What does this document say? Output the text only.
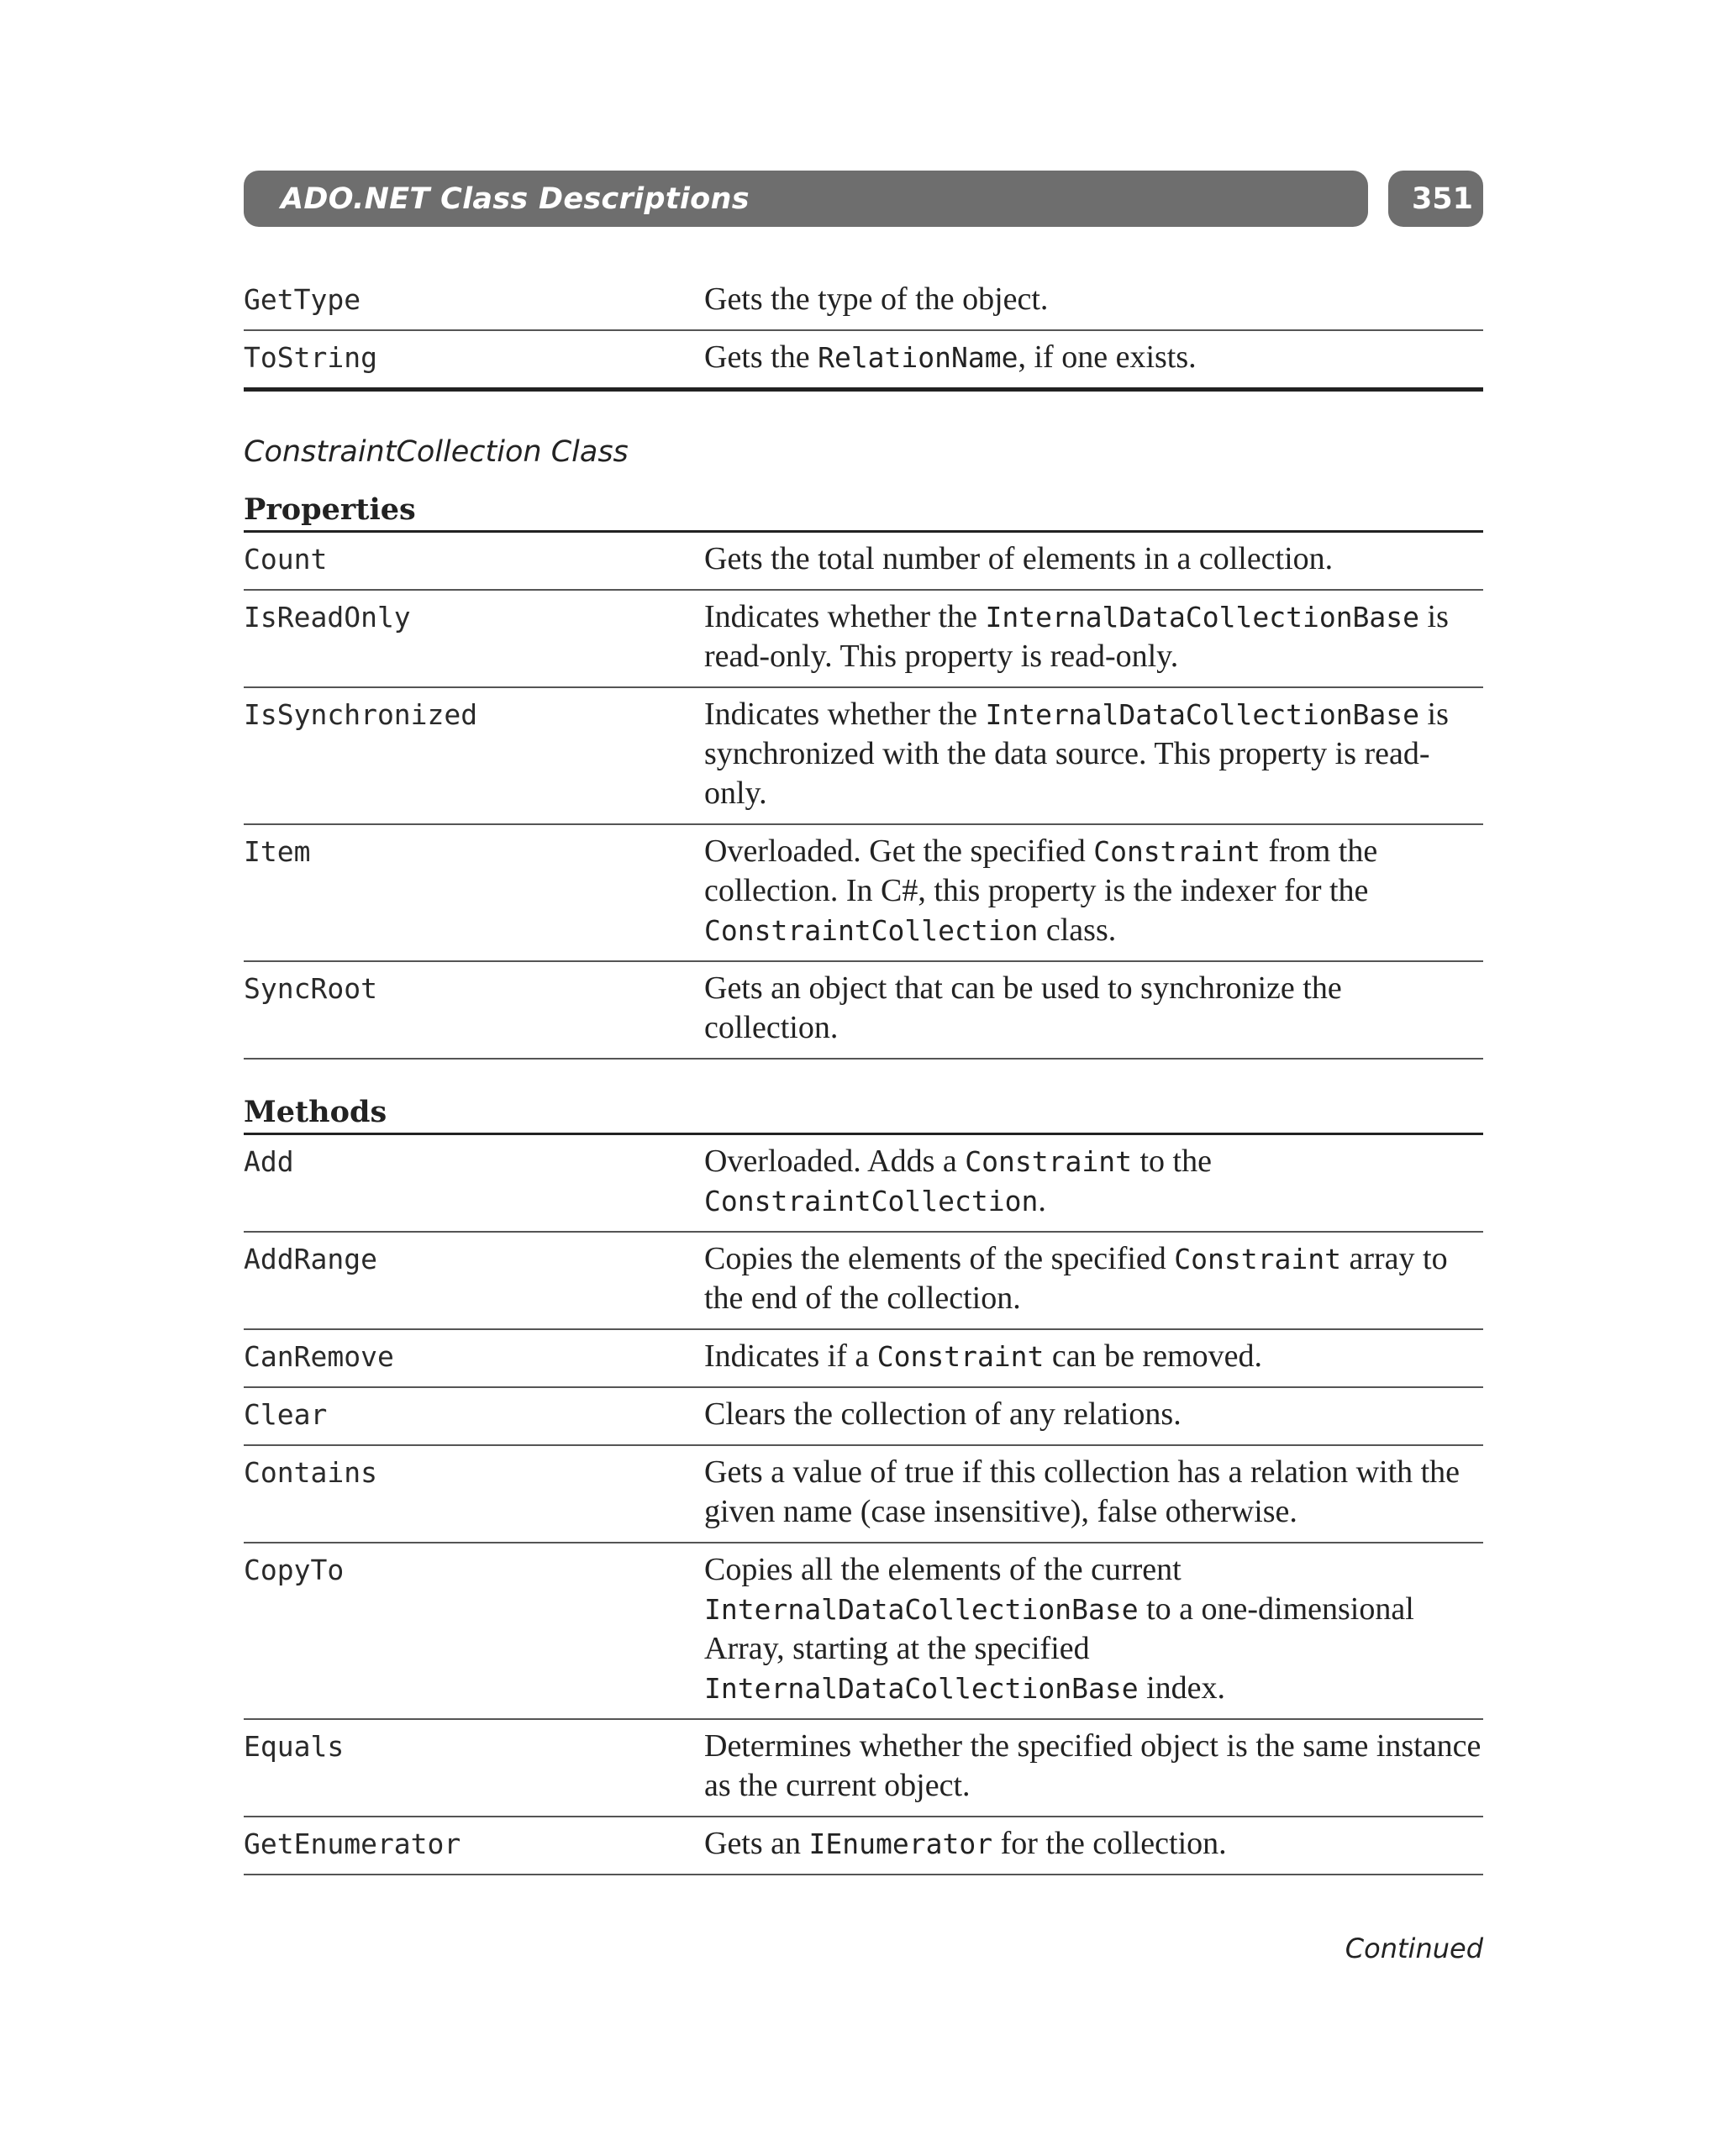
ADO.NET Class Descriptions	351
GetType	Gets the type of the object.
ToString	Gets the RelationName, if one exists.
ConstraintCollection Class
Properties
Count	Gets the total number of elements in a collection.
IsReadOnly	Indicates whether the InternalDataCollectionBase is read-only. This property is read-only.
IsSynchronized	Indicates whether the InternalDataCollectionBase is synchronized with the data source. This property is read-only.
Item	Overloaded. Get the specified Constraint from the collection. In C#, this property is the indexer for the ConstraintCollection class.
SyncRoot	Gets an object that can be used to synchronize the collection.
Methods
Add	Overloaded. Adds a Constraint to the ConstraintCollection.
AddRange	Copies the elements of the specified Constraint array to the end of the collection.
CanRemove	Indicates if a Constraint can be removed.
Clear	Clears the collection of any relations.
Contains	Gets a value of true if this collection has a relation with the given name (case insensitive), false otherwise.
CopyTo	Copies all the elements of the current InternalDataCollectionBase to a one-dimensional Array, starting at the specified InternalDataCollectionBase index.
Equals	Determines whether the specified object is the same instance as the current object.
GetEnumerator	Gets an IEnumerator for the collection.
Continued
